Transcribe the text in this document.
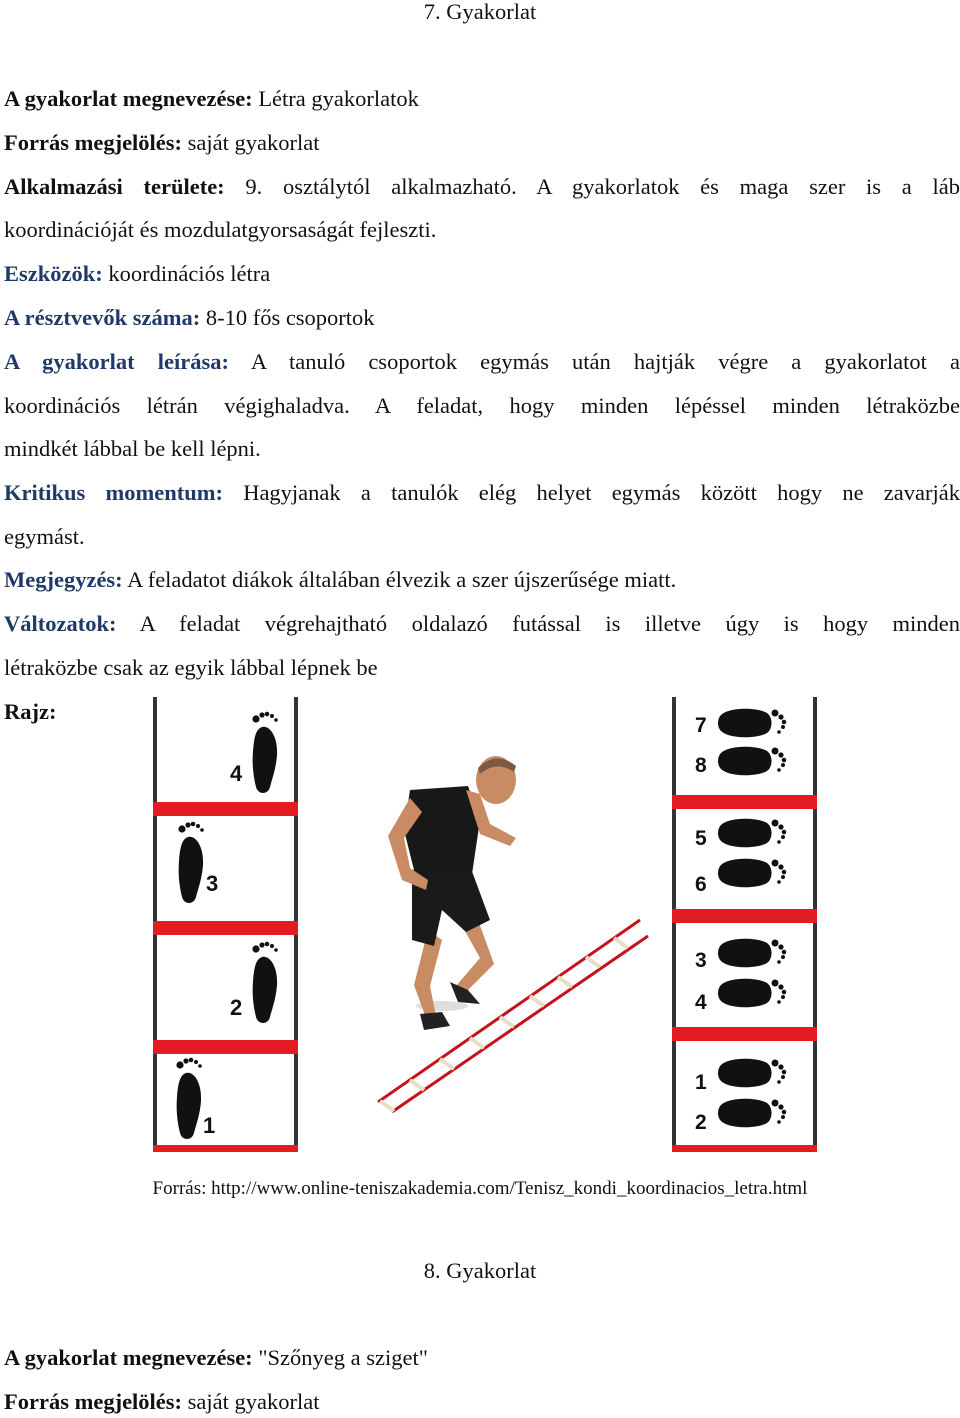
7. Gyakorlat
A gyakorlat megnevezése: Létra gyakorlatok
Forrás megjelölés: saját gyakorlat
Alkalmazási területe: 9. osztálytól alkalmazható. A gyakorlatok és maga szer is a láb
koordinációját és mozdulatgyorsaságát fejleszti.
Eszközök: koordinációs létra
A résztvevők száma: 8-10 fős csoportok
A gyakorlat leírása: A tanuló csoportok egymás után hajtják végre a gyakorlatot a
koordinációs létrán végighaladva. A feladat, hogy minden lépéssel minden létraközbe
mindkét lábbal be kell lépni.
Kritikus momentum: Hagyjanak a tanulók elég helyet egymás között hogy ne zavarják
egymást.
Megjegyzés: A feladatot diákok általában élvezik a szer újszerűsége miatt.
Változatok: A feladat végrehajtható oldalazó futással is illetve úgy is hogy minden
létraközbe csak az egyik lábbal lépnek be
Rajz:
4
3
2
1
7
8
5
6
3
4
1
2
Forrás: http://www.online-teniszakademia.com/Tenisz_kondi_koordinacios_letra.html
8. Gyakorlat
A gyakorlat megnevezése: "Szőnyeg a sziget"
Forrás megjelölés: saját gyakorlat
